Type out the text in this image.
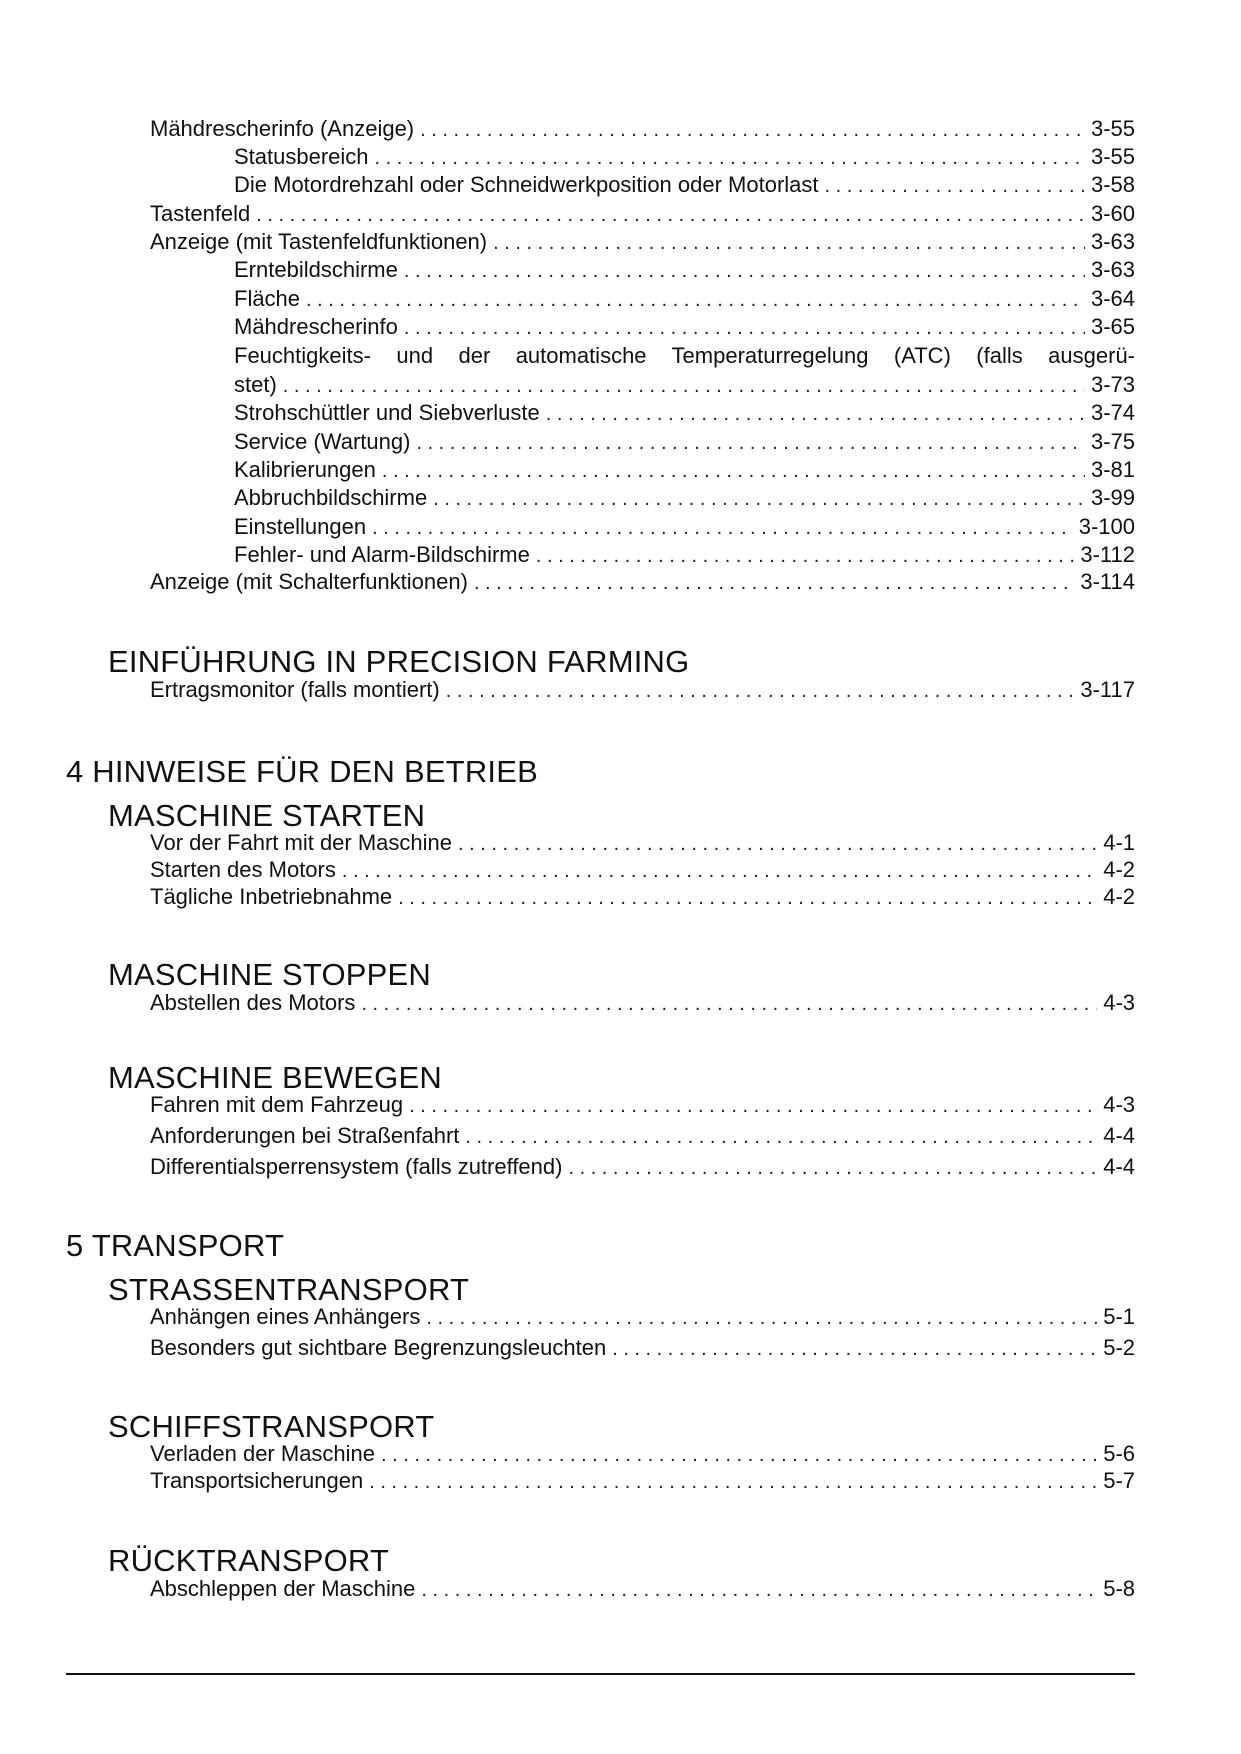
Mähdrescherinfo (Anzeige) . . .	3-55
Statusbereich . . .	3-55
Die Motordrehzahl oder Schneidwerkposition oder Motorlast . . .	3-58
Tastenfeld . . .	3-60
Anzeige (mit Tastenfeldfunktionen) . . .	3-63
Erntebildschirme . . .	3-63
Fläche . . .	3-64
Mähdrescherinfo . . .	3-65
Feuchtigkeits- und der automatische Temperaturregelung (ATC) (falls ausgerü-
stet) . . .	3-73
Strohschüttler und Siebverluste . . .	3-74
Service (Wartung) . . .	3-75
Kalibrierungen . . .	3-81
Abbruchbildschirme . . .	3-99
Einstellungen . . .	3-100
Fehler- und Alarm-Bildschirme . . .	3-112
Anzeige (mit Schalterfunktionen) . . .	3-114
EINFÜHRUNG IN PRECISION FARMING
Ertragsmonitor (falls montiert) . . .	3-117
4 HINWEISE FÜR DEN BETRIEB
MASCHINE STARTEN
Vor der Fahrt mit der Maschine . . .	4-1
Starten des Motors . . .	4-2
Tägliche Inbetriebnahme . . .	4-2
MASCHINE STOPPEN
Abstellen des Motors . . .	4-3
MASCHINE BEWEGEN
Fahren mit dem Fahrzeug . . .	4-3
Anforderungen bei Straßenfahrt . . .	4-4
Differentialsperrensystem (falls zutreffend) . . .	4-4
5 TRANSPORT
STRASSENTRANSPORT
Anhängen eines Anhängers . . .	5-1
Besonders gut sichtbare Begrenzungsleuchten . . .	5-2
SCHIFFSTRANSPORT
Verladen der Maschine . . .	5-6
Transportsicherungen . . .	5-7
RÜCKTRANSPORT
Abschleppen der Maschine . . .	5-8
